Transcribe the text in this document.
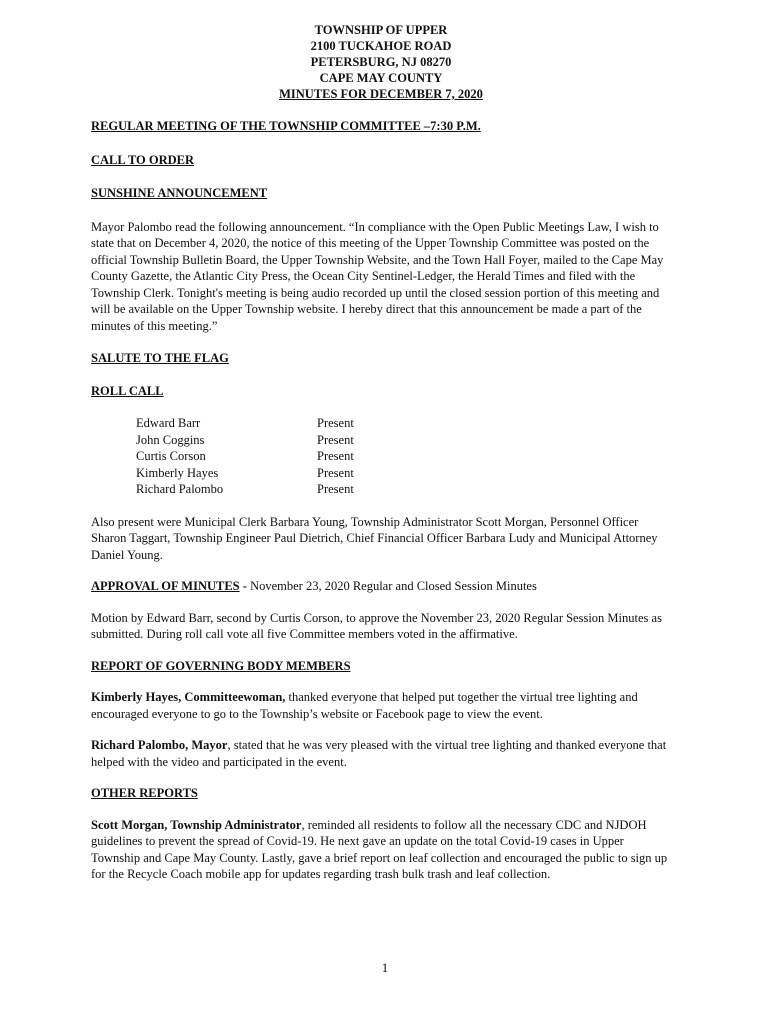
TOWNSHIP OF UPPER
2100 TUCKAHOE ROAD
PETERSBURG, NJ 08270
CAPE MAY COUNTY
MINUTES FOR DECEMBER 7, 2020

REGULAR MEETING OF THE TOWNSHIP COMMITTEE –7:30 P.M.

CALL TO ORDER

SUNSHINE ANNOUNCEMENT

Mayor Palombo read the following announcement. “In compliance with the Open Public Meetings Law, I wish to state that on December 4, 2020, the notice of this meeting of the Upper Township Committee was posted on the official Township Bulletin Board, the Upper Township Website, and the Town Hall Foyer, mailed to the Cape May County Gazette, the Atlantic City Press, the Ocean City Sentinel-Ledger, the Herald Times and filed with the Township Clerk. Tonight's meeting is being audio recorded up until the closed session portion of this meeting and will be available on the Upper Township website. I hereby direct that this announcement be made a part of the minutes of this meeting.”

SALUTE TO THE FLAG

ROLL CALL

Edward Barr	Present
John Coggins	Present
Curtis Corson	Present
Kimberly Hayes	Present
Richard Palombo	Present

Also present were Municipal Clerk Barbara Young, Township Administrator Scott Morgan, Personnel Officer Sharon Taggart, Township Engineer Paul Dietrich, Chief Financial Officer Barbara Ludy and Municipal Attorney Daniel Young.

APPROVAL OF MINUTES - November 23, 2020 Regular and Closed Session Minutes

Motion by Edward Barr, second by Curtis Corson, to approve the November 23, 2020 Regular Session Minutes as submitted. During roll call vote all five Committee members voted in the affirmative.

REPORT OF GOVERNING BODY MEMBERS

Kimberly Hayes, Committeewoman, thanked everyone that helped put together the virtual tree lighting and encouraged everyone to go to the Township’s website or Facebook page to view the event.

Richard Palombo, Mayor, stated that he was very pleased with the virtual tree lighting and thanked everyone that helped with the video and participated in the event.

OTHER REPORTS

Scott Morgan, Township Administrator, reminded all residents to follow all the necessary CDC and NJDOH guidelines to prevent the spread of Covid-19. He next gave an update on the total Covid-19 cases in Upper Township and Cape May County. Lastly, gave a brief report on leaf collection and encouraged the public to sign up for the Recycle Coach mobile app for updates regarding trash bulk trash and leaf collection.

1
